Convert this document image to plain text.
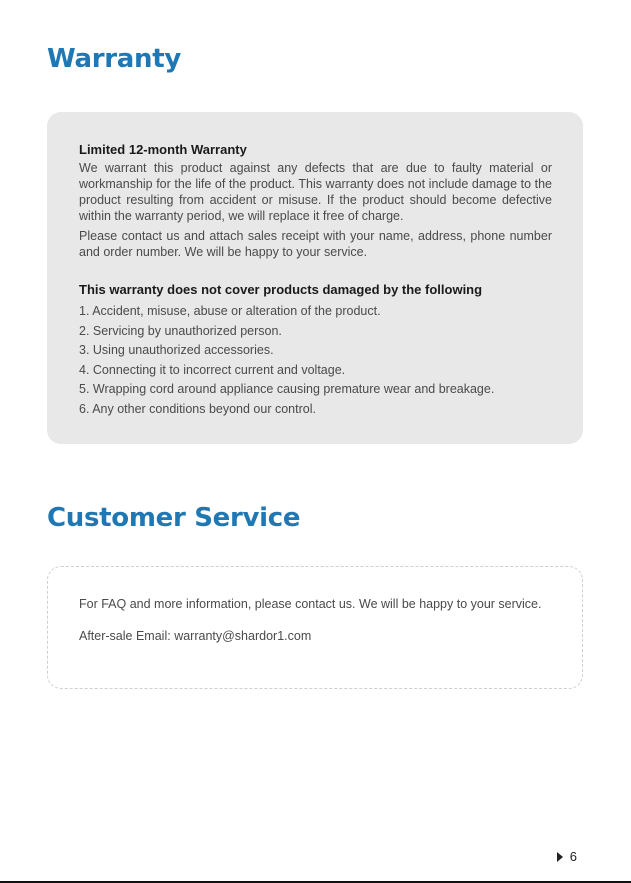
Warranty

Limited 12-month Warranty

We warrant this product against any defects that are due to faulty material or workmanship for the life of the product. This warranty does not include damage to the product resulting from accident or misuse. If the product should become defective within the warranty period, we will replace it free of charge.

Please contact us and attach sales receipt with your name, address, phone number and order number. We will be happy to your service.

This warranty does not cover products damaged by the following

1. Accident, misuse, abuse or alteration of the product.
2. Servicing by unauthorized person.
3. Using unauthorized accessories.
4. Connecting it to incorrect current and voltage.
5. Wrapping cord around appliance causing premature wear and breakage.
6. Any other conditions beyond our control.
Customer Service

For FAQ and more information, please contact us. We will be happy to your service.

After-sale Email: warranty@shardor1.com
6
